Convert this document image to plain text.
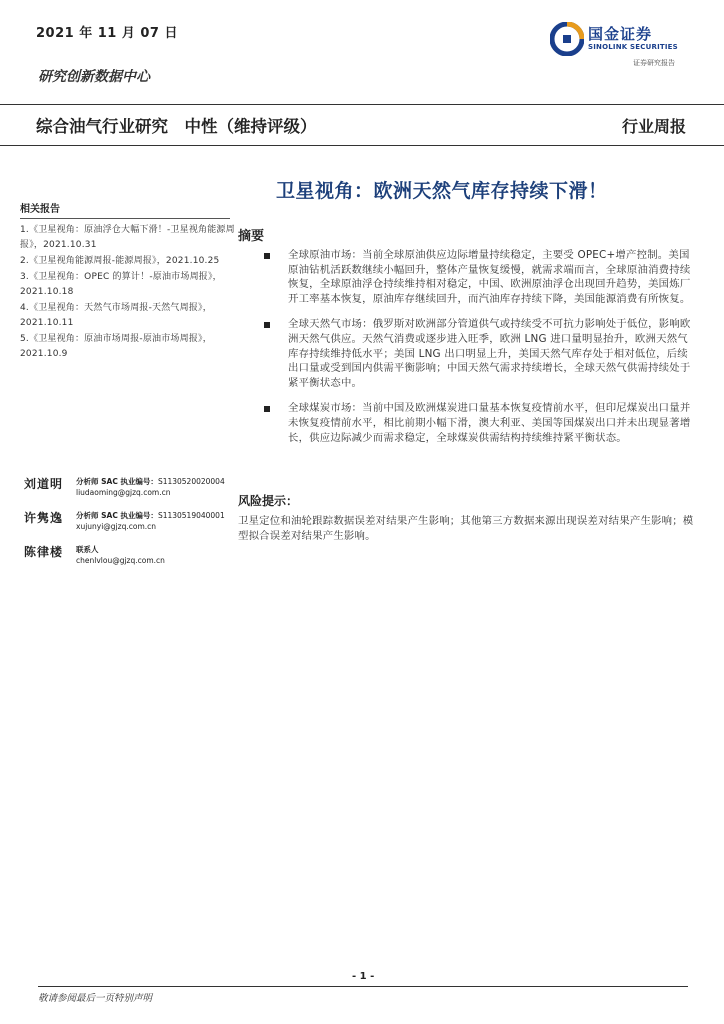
2021 年 11 月 07 日	国金证券
SINOLINK SECURITIES
证券研究报告
研究创新数据中心
综合油气行业研究　中性（维持评级）	行业周报
卫星视角：欧洲天然气库存持续下滑！
相关报告
1.《卫星视角：原油浮仓大幅下滑！-卫星视角能源周报》，2021.10.31
2.《卫星视角能源周报-能源周报》，2021.10.25
3.《卫星视角：OPEC 的算计！-原油市场周报》，2021.10.18
4.《卫星视角：天然气市场周报-天然气周报》，2021.10.11
5.《卫星视角：原油市场周报-原油市场周报》，2021.10.9
刘道明 分析师 SAC 执业编号：S1130520020004
liudaoming@gjzq.com.cn
许隽逸 分析师 SAC 执业编号：S1130519040001
xujunyi@gjzq.com.cn
陈律楼 联系人
chenlvlou@gjzq.com.cn
摘要
全球原油市场：当前全球原油供应边际增量持续稳定，主要受 OPEC+增产控制。美国原油钻机活跃数继续小幅回升，整体产量恢复缓慢，就需求端而言，全球原油消费持续恢复，全球原油浮仓持续维持相对稳定，中国、欧洲原油浮仓出现回升趋势，美国炼厂开工率基本恢复，原油库存继续回升，而汽油库存持续下降，美国能源消费有所恢复。
全球天然气市场：俄罗斯对欧洲部分管道供气或持续受不可抗力影响处于低位，影响欧洲天然气供应。天然气消费或逐步进入旺季，欧洲 LNG 进口量明显抬升，欧洲天然气库存持续维持低水平；美国 LNG 出口明显上升，美国天然气库存处于相对低位，后续出口量或受到国内供需平衡影响；中国天然气需求持续增长，全球天然气供需持续处于紧平衡状态中。
全球煤炭市场：当前中国及欧洲煤炭进口量基本恢复疫情前水平，但印尼煤炭出口量并未恢复疫情前水平，相比前期小幅下滑，澳大利亚、美国等国煤炭出口并未出现显著增长，供应边际减少而需求稳定，全球煤炭供需结构持续维持紧平衡状态。
风险提示：
卫星定位和油轮跟踪数据误差对结果产生影响；其他第三方数据来源出现误差对结果产生影响；模型拟合误差对结果产生影响。
- 1 -
敬请参阅最后一页特别声明
